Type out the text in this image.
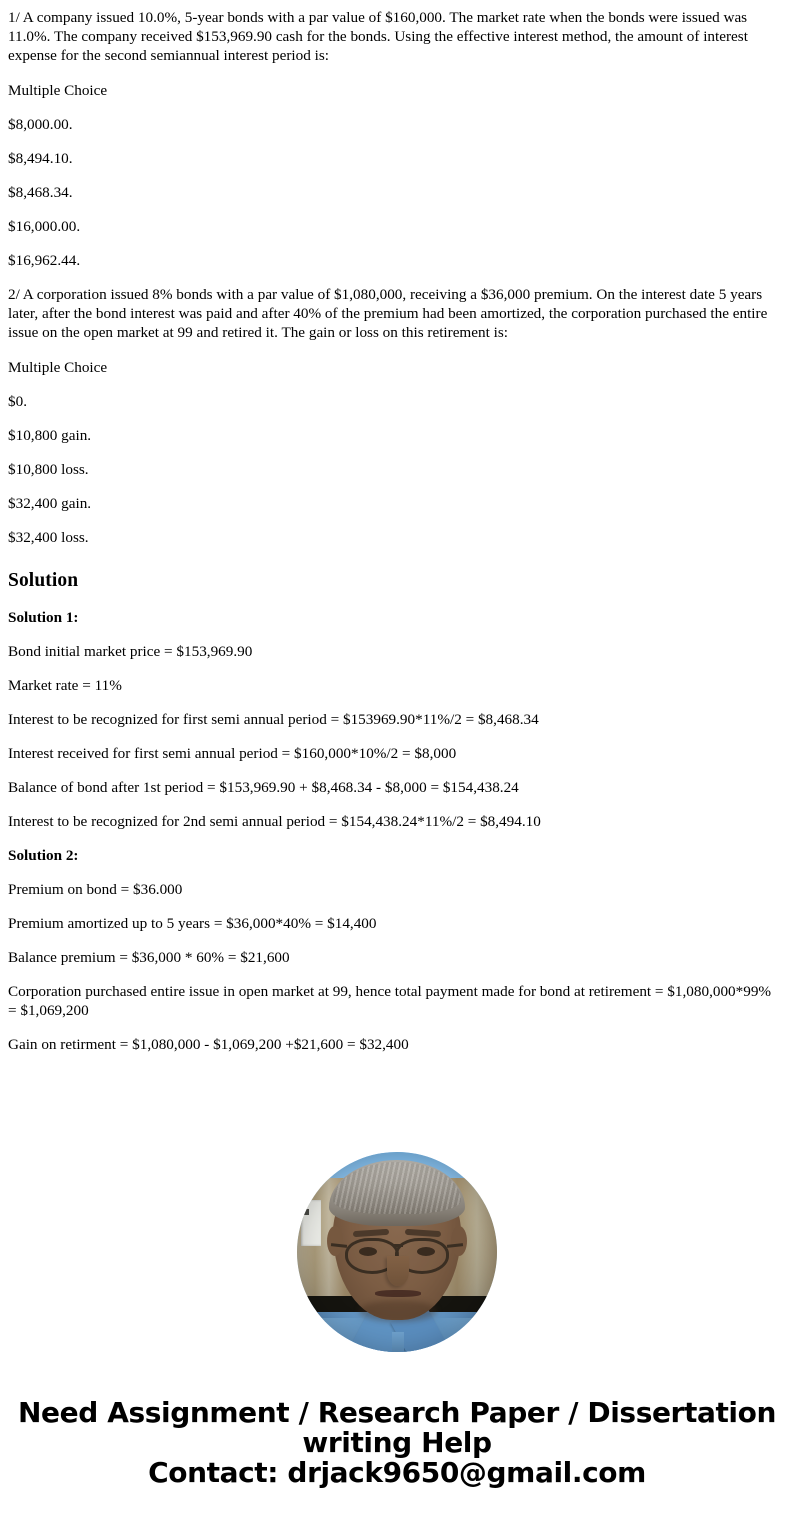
1/ A company issued 10.0%, 5-year bonds with a par value of $160,000. The market rate when the bonds were issued was 11.0%. The company received $153,969.90 cash for the bonds. Using the effective interest method, the amount of interest expense for the second semiannual interest period is:

Multiple Choice

$8,000.00.

$8,494.10.

$8,468.34.

$16,000.00.

$16,962.44.

2/ A corporation issued 8% bonds with a par value of $1,080,000, receiving a $36,000 premium. On the interest date 5 years later, after the bond interest was paid and after 40% of the premium had been amortized, the corporation purchased the entire issue on the open market at 99 and retired it. The gain or loss on this retirement is:

Multiple Choice

$0.

$10,800 gain.

$10,800 loss.

$32,400 gain.

$32,400 loss.

Solution

Solution 1:

Bond initial market price = $153,969.90

Market rate = 11%

Interest to be recognized for first semi annual period = $153969.90*11%/2 = $8,468.34

Interest received for first semi annual period = $160,000*10%/2 = $8,000

Balance of bond after 1st period = $153,969.90 + $8,468.34 - $8,000 = $154,438.24

Interest to be recognized for 2nd semi annual period = $154,438.24*11%/2 = $8,494.10

Solution 2:

Premium on bond = $36.000

Premium amortized up to 5 years = $36,000*40% = $14,400

Balance premium = $36,000 * 60% = $21,600

Corporation purchased entire issue in open market at 99, hence total payment made for bond at retirement = $1,080,000*99% = $1,069,200

Gain on retirment = $1,080,000 - $1,069,200 +$21,600 = $32,400

Need Assignment / Research Paper / Dissertation
writing Help
Contact: drjack9650@gmail.com
